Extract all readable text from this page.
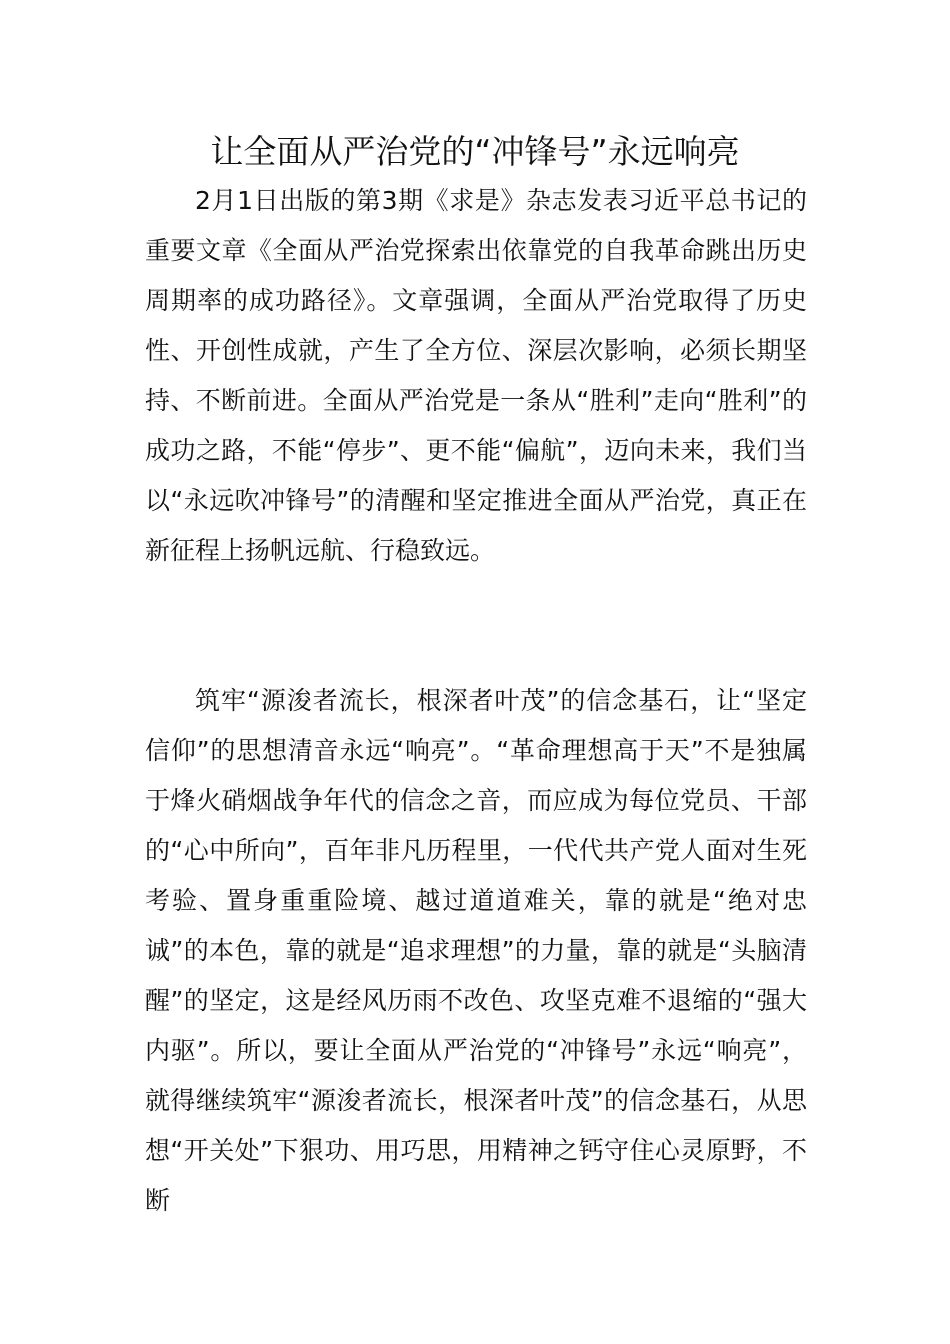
让全面从严治党的“冲锋号”永远响亮

2月1日出版的第3期《求是》杂志发表习近平总书记的重要文章《全面从严治党探索出依靠党的自我革命跳出历史周期率的成功路径》。文章强调，全面从严治党取得了历史性、开创性成就，产生了全方位、深层次影响，必须长期坚持、不断前进。全面从严治党是一条从“胜利”走向“胜利”的成功之路，不能“停步”、更不能“偏航”，迈向未来，我们当以“永远吹冲锋号”的清醒和坚定推进全面从严治党，真正在新征程上扬帆远航、行稳致远。

筑牢“源浚者流长，根深者叶茂”的信念基石，让“坚定信仰”的思想清音永远“响亮”。“革命理想高于天”不是独属于烽火硝烟战争年代的信念之音，而应成为每位党员、干部的“心中所向”，百年非凡历程里，一代代共产党人面对生死考验、置身重重险境、越过道道难关，靠的就是“绝对忠诚”的本色，靠的就是“追求理想”的力量，靠的就是“头脑清醒”的坚定，这是经风历雨不改色、攻坚克难不退缩的“强大内驱”。所以，要让全面从严治党的“冲锋号”永远“响亮”，就得继续筑牢“源浚者流长，根深者叶茂”的信念基石，从思想“开关处”下狠功、用巧思，用精神之钙守住心灵原野，不断
